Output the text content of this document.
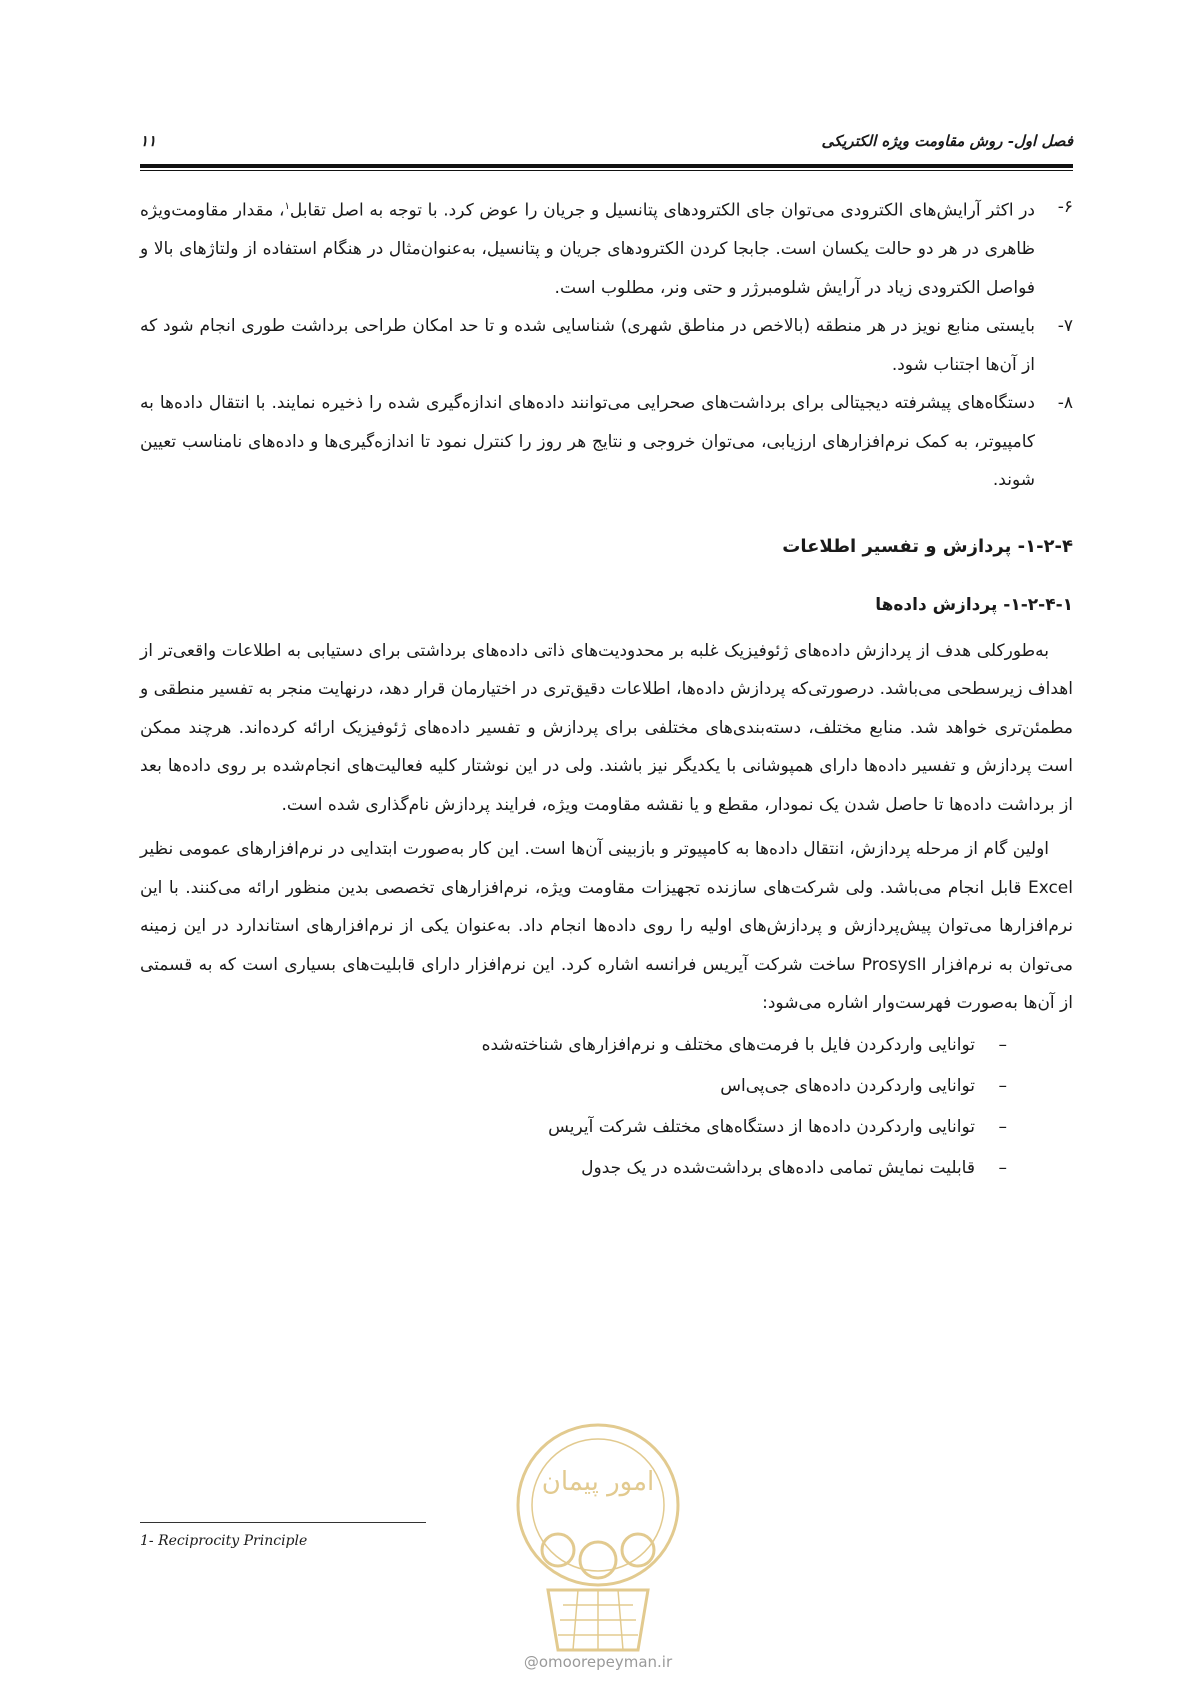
فصل اول- روش مقاومت ویژه الکتریکی
۱۱
۶-
در اکثر آرایش‌های الکترودی می‌توان جای الکترودهای پتانسیل و جریان را عوض کرد. با توجه به اصل تقابل$^۱$، مقدار مقاومت‌ویژه ظاهری در هر دو حالت یکسان است. جابجا کردن الکترودهای جریان و پتانسیل، به‌عنوان‌مثال در هنگام استفاده از ولتاژهای بالا و فواصل الکترودی زیاد در آرایش شلومبرژر و حتی ونر، مطلوب است.
۷-
بایستی منابع نویز در هر منطقه (بالاخص در مناطق شهری) شناسایی شده و تا حد امکان طراحی برداشت طوری انجام شود که از آن‌ها اجتناب شود.
۸-
دستگاه‌های پیشرفته دیجیتالی برای برداشت‌های صحرایی می‌توانند داده‌های اندازه‌گیری شده را ذخیره نمایند. با انتقال داده‌ها به کامپیوتر، به کمک نرم‌افزارهای ارزیابی، می‌توان خروجی و نتایج هر روز را کنترل نمود تا اندازه‌گیری‌ها و داده‌های نامناسب تعیین شوند.
۱-۲-۴- پردازش و تفسیر اطلاعات
۱-۲-۴-۱- پردازش داده‌ها

به‌طورکلی هدف از پردازش داده‌های ژئوفیزیک غلبه بر محدودیت‌های ذاتی داده‌های برداشتی برای دستیابی به اطلاعات واقعی‌تر از اهداف زیرسطحی می‌باشد. درصورتی‌که پردازش داده‌ها، اطلاعات دقیق‌تری در اختیارمان قرار دهد، درنهایت منجر به تفسیر منطقی و مطمئن‌تری خواهد شد. منابع مختلف، دسته‌بندی‌های مختلفی برای پردازش و تفسیر داده‌های ژئوفیزیک ارائه کرده‌اند. هرچند ممکن است پردازش و تفسیر داده‌ها دارای همپوشانی با یکدیگر نیز باشند. ولی در این نوشتار کلیه فعالیت‌های انجام‌شده بر روی داده‌ها بعد از برداشت داده‌ها تا حاصل شدن یک نمودار، مقطع و یا نقشه مقاومت ویژه، فرایند پردازش نام‌گذاری شده است.

اولین گام از مرحله پردازش، انتقال داده‌ها به کامپیوتر و بازبینی آن‌ها است. این کار به‌صورت ابتدایی در نرم‌افزارهای عمومی نظیر Excel قابل انجام می‌باشد. ولی شرکت‌های سازنده تجهیزات مقاومت ویژه، نرم‌افزارهای تخصصی بدین منظور ارائه می‌کنند. با این نرم‌افزارها می‌توان پیش‌پردازش و پردازش‌های اولیه را روی داده‌ها انجام داد. به‌عنوان یکی از نرم‌افزارهای استاندارد در این زمینه می‌توان به نرم‌افزار ProsysII ساخت شرکت آیریس فرانسه اشاره کرد. این نرم‌افزار دارای قابلیت‌های بسیاری است که به قسمتی از آن‌ها به‌صورت فهرست‌وار اشاره می‌شود:

–
توانایی واردکردن فایل با فرمت‌های مختلف و نرم‌افزارهای شناخته‌شده
–
توانایی واردکردن داده‌های جی‌پی‌اس
–
توانایی واردکردن داده‌ها از دستگاه‌های مختلف شرکت آیریس
–
قابلیت نمایش تمامی داده‌های برداشت‌شده در یک جدول
1- Reciprocity Principle
امور پیمان
@omoorepeyman.ir
